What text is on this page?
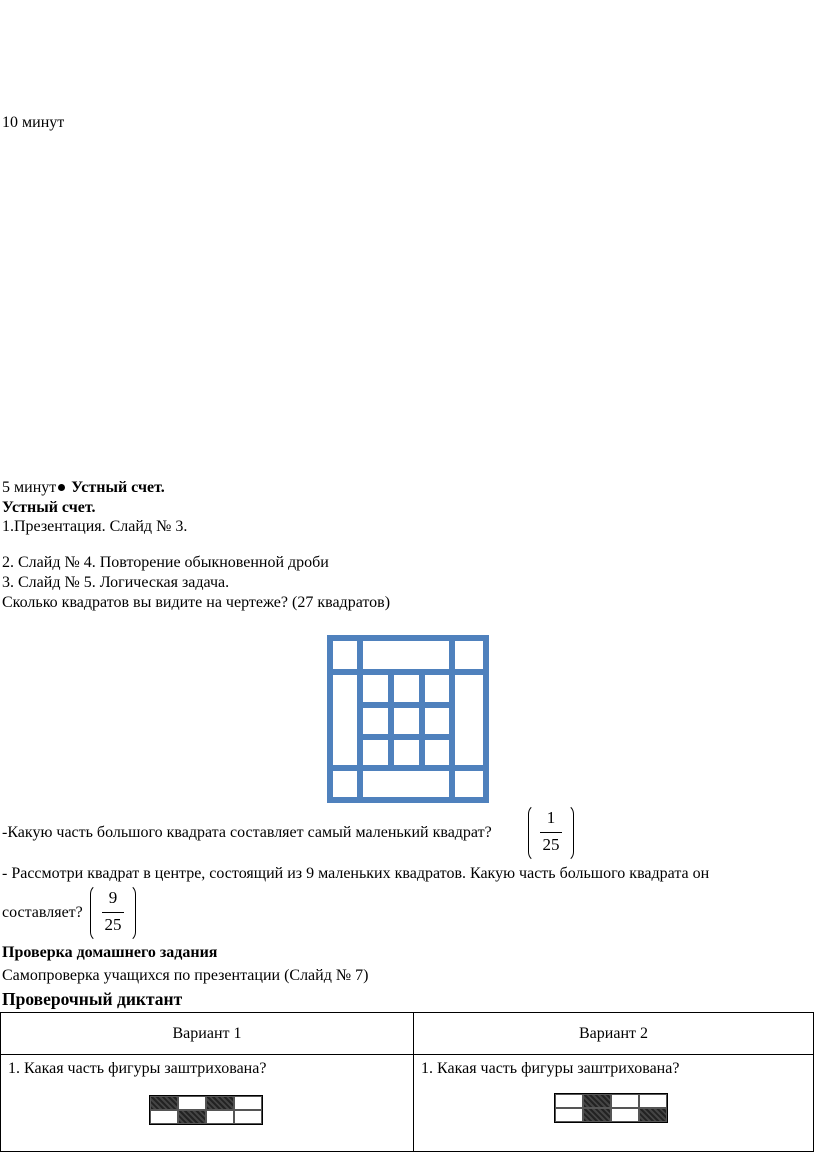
10 минут
5 минут Устный счет.
Устный счет.
1.Презентация. Слайд № 3.
2. Слайд № 4. Повторение обыкновенной дроби
3. Слайд № 5. Логическая задача.
Сколько квадратов вы видите на чертеже? (27 квадратов)
-Какую часть большого квадрата составляет самый маленький квадрат?
1
25
- Рассмотри квадрат в центре, состоящий из 9 маленьких квадратов. Какую часть большого квадрата он
составляет?
9
25
Проверка домашнего задания
Самопроверка учащихся по презентации (Слайд № 7)
Проверочный диктант
Вариант 1	Вариант 2

1. Какая часть фигуры заштрихована?	1. Какая часть фигуры заштрихована?
